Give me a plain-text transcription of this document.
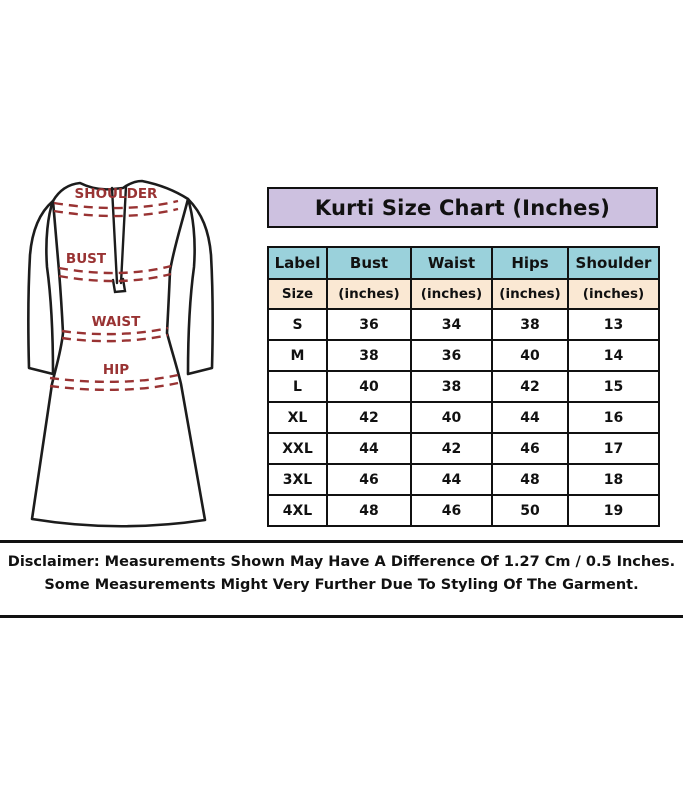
SHOULDER
BUST
WAIST
HIP
Kurti Size Chart (Inches)
Label	Bust	Waist	Hips	Shoulder
Size	(inches)	(inches)	(inches)	(inches)
S	36	34	38	13
M	38	36	40	14
L	40	38	42	15
XL	42	40	44	16
XXL	44	42	46	17
3XL	46	44	48	18
4XL	48	46	50	19
Disclaimer: Measurements Shown May Have A Difference Of 1.27 Cm / 0.5 Inches.
Some Measurements Might Very Further Due To Styling Of The Garment.
